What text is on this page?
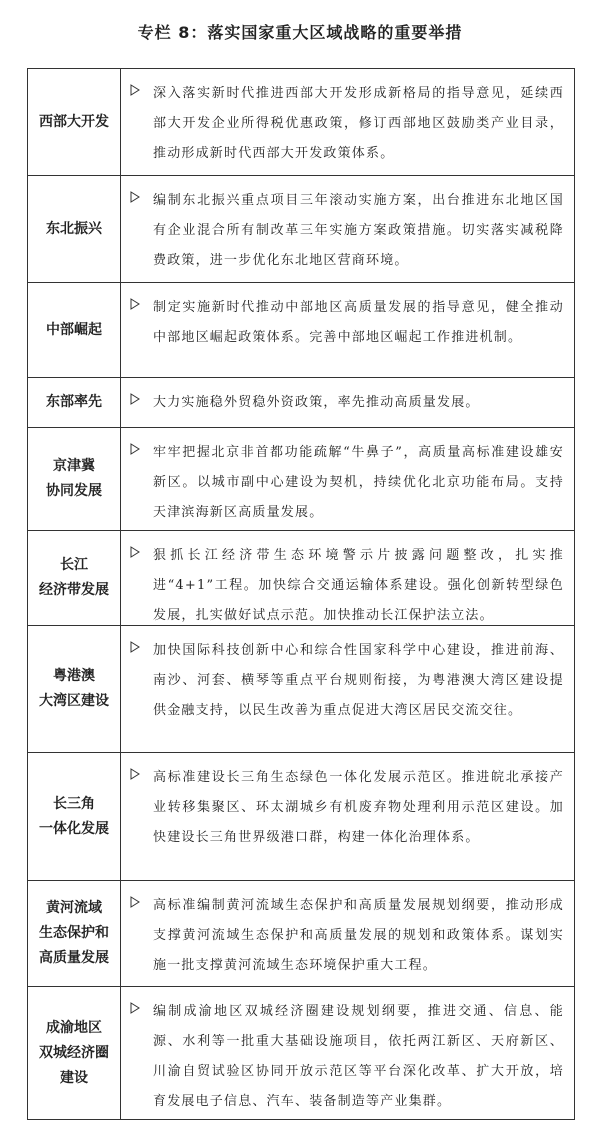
专栏 8：落实国家重大区域战略的重要举措
西部大开发
深入落实新时代推进西部大开发形成新格局的指导意见，延续西部大开发企业所得税优惠政策，修订西部地区鼓励类产业目录，推动形成新时代西部大开发政策体系。
东北振兴
编制东北振兴重点项目三年滚动实施方案，出台推进东北地区国有企业混合所有制改革三年实施方案政策措施。切实落实减税降费政策，进一步优化东北地区营商环境。
中部崛起
制定实施新时代推动中部地区高质量发展的指导意见，健全推动中部地区崛起政策体系。完善中部地区崛起工作推进机制。
东部率先	大力实施稳外贸稳外资政策，率先推动高质量发展。
京津冀
协同发展
牢牢把握北京非首都功能疏解“牛鼻子”，高质量高标准建设雄安新区。以城市副中心建设为契机，持续优化北京功能布局。支持天津滨海新区高质量发展。
长江
经济带发展
狠抓长江经济带生态环境警示片披露问题整改，扎实推进“4+1”工程。加快综合交通运输体系建设。强化创新转型绿色发展，扎实做好试点示范。加快推动长江保护法立法。
粤港澳
大湾区建设
加快国际科技创新中心和综合性国家科学中心建设，推进前海、南沙、河套、横琴等重点平台规则衔接，为粤港澳大湾区建设提供金融支持，以民生改善为重点促进大湾区居民交流交往。
长三角
一体化发展
高标准建设长三角生态绿色一体化发展示范区。推进皖北承接产业转移集聚区、环太湖城乡有机废弃物处理利用示范区建设。加快建设长三角世界级港口群，构建一体化治理体系。
黄河流域
生态保护和
高质量发展
高标准编制黄河流域生态保护和高质量发展规划纲要，推动形成支撑黄河流域生态保护和高质量发展的规划和政策体系。谋划实施一批支撑黄河流域生态环境保护重大工程。
成渝地区
双城经济圈
建设
编制成渝地区双城经济圈建设规划纲要，推进交通、信息、能源、水利等一批重大基础设施项目，依托两江新区、天府新区、川渝自贸试验区协同开放示范区等平台深化改革、扩大开放，培育发展电子信息、汽车、装备制造等产业集群。
